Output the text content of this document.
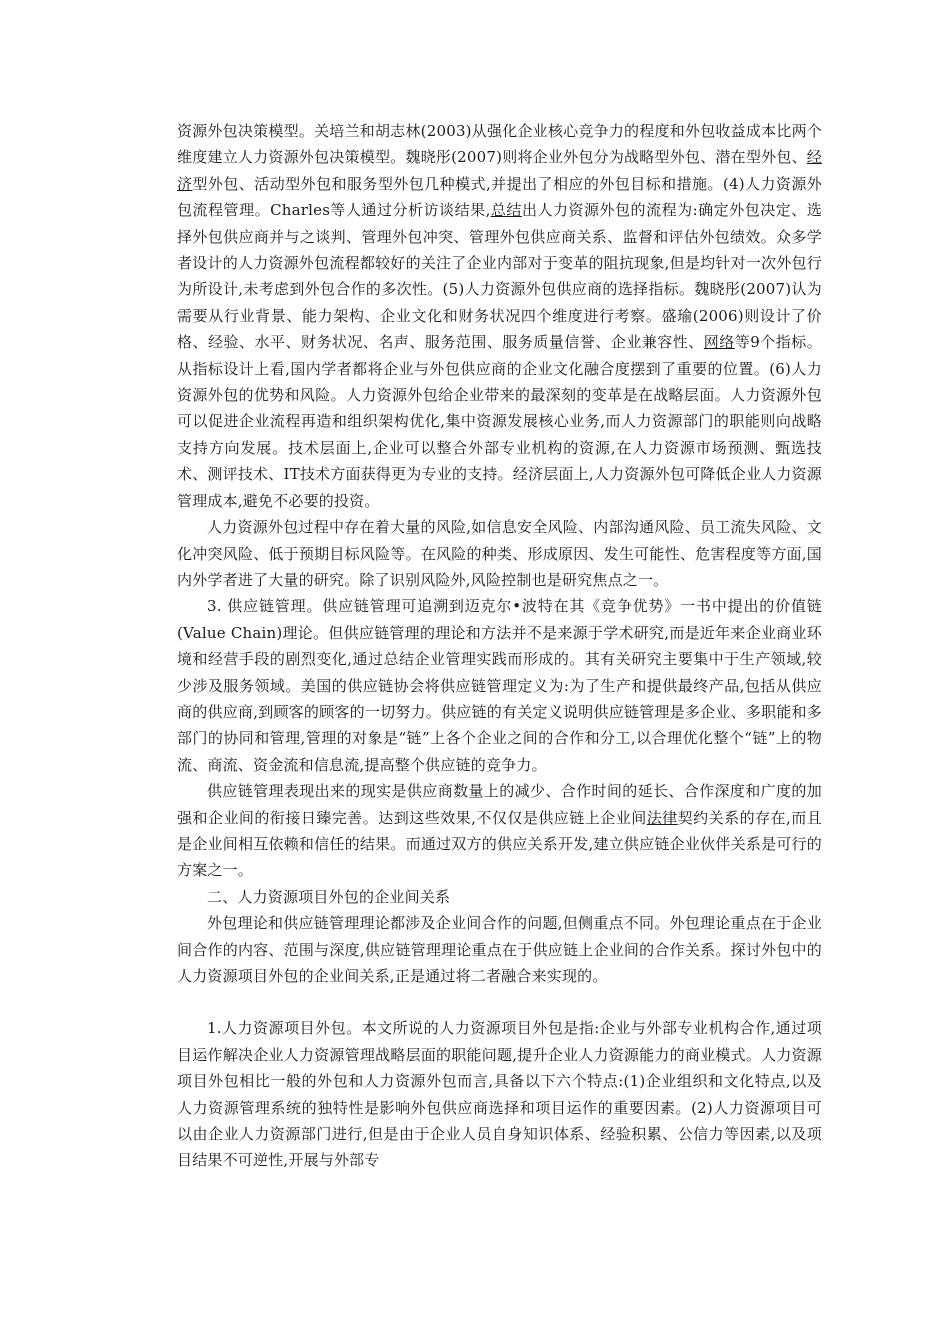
资源外包决策模型。关培兰和胡志林(2003)从强化企业核心竞争力的程度和外包收益成本比两个维度建立人力资源外包决策模型。魏晓彤(2007)则将企业外包分为战略型外包、潜在型外包、经济型外包、活动型外包和服务型外包几种模式,并提出了相应的外包目标和措施。(4)人力资源外包流程管理。Charles等人通过分析访谈结果,总结出人力资源外包的流程为:确定外包决定、选择外包供应商并与之谈判、管理外包冲突、管理外包供应商关系、监督和评估外包绩效。众多学者设计的人力资源外包流程都较好的关注了企业内部对于变革的阻抗现象,但是均针对一次外包行为所设计,未考虑到外包合作的多次性。(5)人力资源外包供应商的选择指标。魏晓彤(2007)认为需要从行业背景、能力架构、企业文化和财务状况四个维度进行考察。盛瑜(2006)则设计了价格、经验、水平、财务状况、名声、服务范围、服务质量信誉、企业兼容性、网络等9个指标。从指标设计上看,国内学者都将企业与外包供应商的企业文化融合度摆到了重要的位置。(6)人力资源外包的优势和风险。人力资源外包给企业带来的最深刻的变革是在战略层面。人力资源外包可以促进企业流程再造和组织架构优化,集中资源发展核心业务,而人力资源部门的职能则向战略支持方向发展。技术层面上,企业可以整合外部专业机构的资源,在人力资源市场预测、甄选技术、测评技术、IT技术方面获得更为专业的支持。经济层面上,人力资源外包可降低企业人力资源管理成本,避免不必要的投资。

人力资源外包过程中存在着大量的风险,如信息安全风险、内部沟通风险、员工流失风险、文化冲突风险、低于预期目标风险等。在风险的种类、形成原因、发生可能性、危害程度等方面,国内外学者进了大量的研究。除了识别风险外,风险控制也是研究焦点之一。

3. 供应链管理。供应链管理可追溯到迈克尔•波特在其《竞争优势》一书中提出的价值链(Value Chain)理论。但供应链管理的理论和方法并不是来源于学术研究,而是近年来企业商业环境和经营手段的剧烈变化,通过总结企业管理实践而形成的。其有关研究主要集中于生产领域,较少涉及服务领域。美国的供应链协会将供应链管理定义为:为了生产和提供最终产品,包括从供应商的供应商,到顾客的顾客的一切努力。供应链的有关定义说明供应链管理是多企业、多职能和多部门的协同和管理,管理的对象是“链”上各个企业之间的合作和分工,以合理优化整个“链”上的物流、商流、资金流和信息流,提高整个供应链的竞争力。

供应链管理表现出来的现实是供应商数量上的减少、合作时间的延长、合作深度和广度的加强和企业间的衔接日臻完善。达到这些效果,不仅仅是供应链上企业间法律契约关系的存在,而且是企业间相互依赖和信任的结果。而通过双方的供应关系开发,建立供应链企业伙伴关系是可行的方案之一。

二、人力资源项目外包的企业间关系

外包理论和供应链管理理论都涉及企业间合作的问题,但侧重点不同。外包理论重点在于企业间合作的内容、范围与深度,供应链管理理论重点在于供应链上企业间的合作关系。探讨外包中的人力资源项目外包的企业间关系,正是通过将二者融合来实现的。

1.人力资源项目外包。本文所说的人力资源项目外包是指:企业与外部专业机构合作,通过项目运作解决企业人力资源管理战略层面的职能问题,提升企业人力资源能力的商业模式。人力资源项目外包相比一般的外包和人力资源外包而言,具备以下六个特点:(1)企业组织和文化特点,以及人力资源管理系统的独特性是影响外包供应商选择和项目运作的重要因素。(2)人力资源项目可以由企业人力资源部门进行,但是由于企业人员自身知识体系、经验积累、公信力等因素,以及项目结果不可逆性,开展与外部专
